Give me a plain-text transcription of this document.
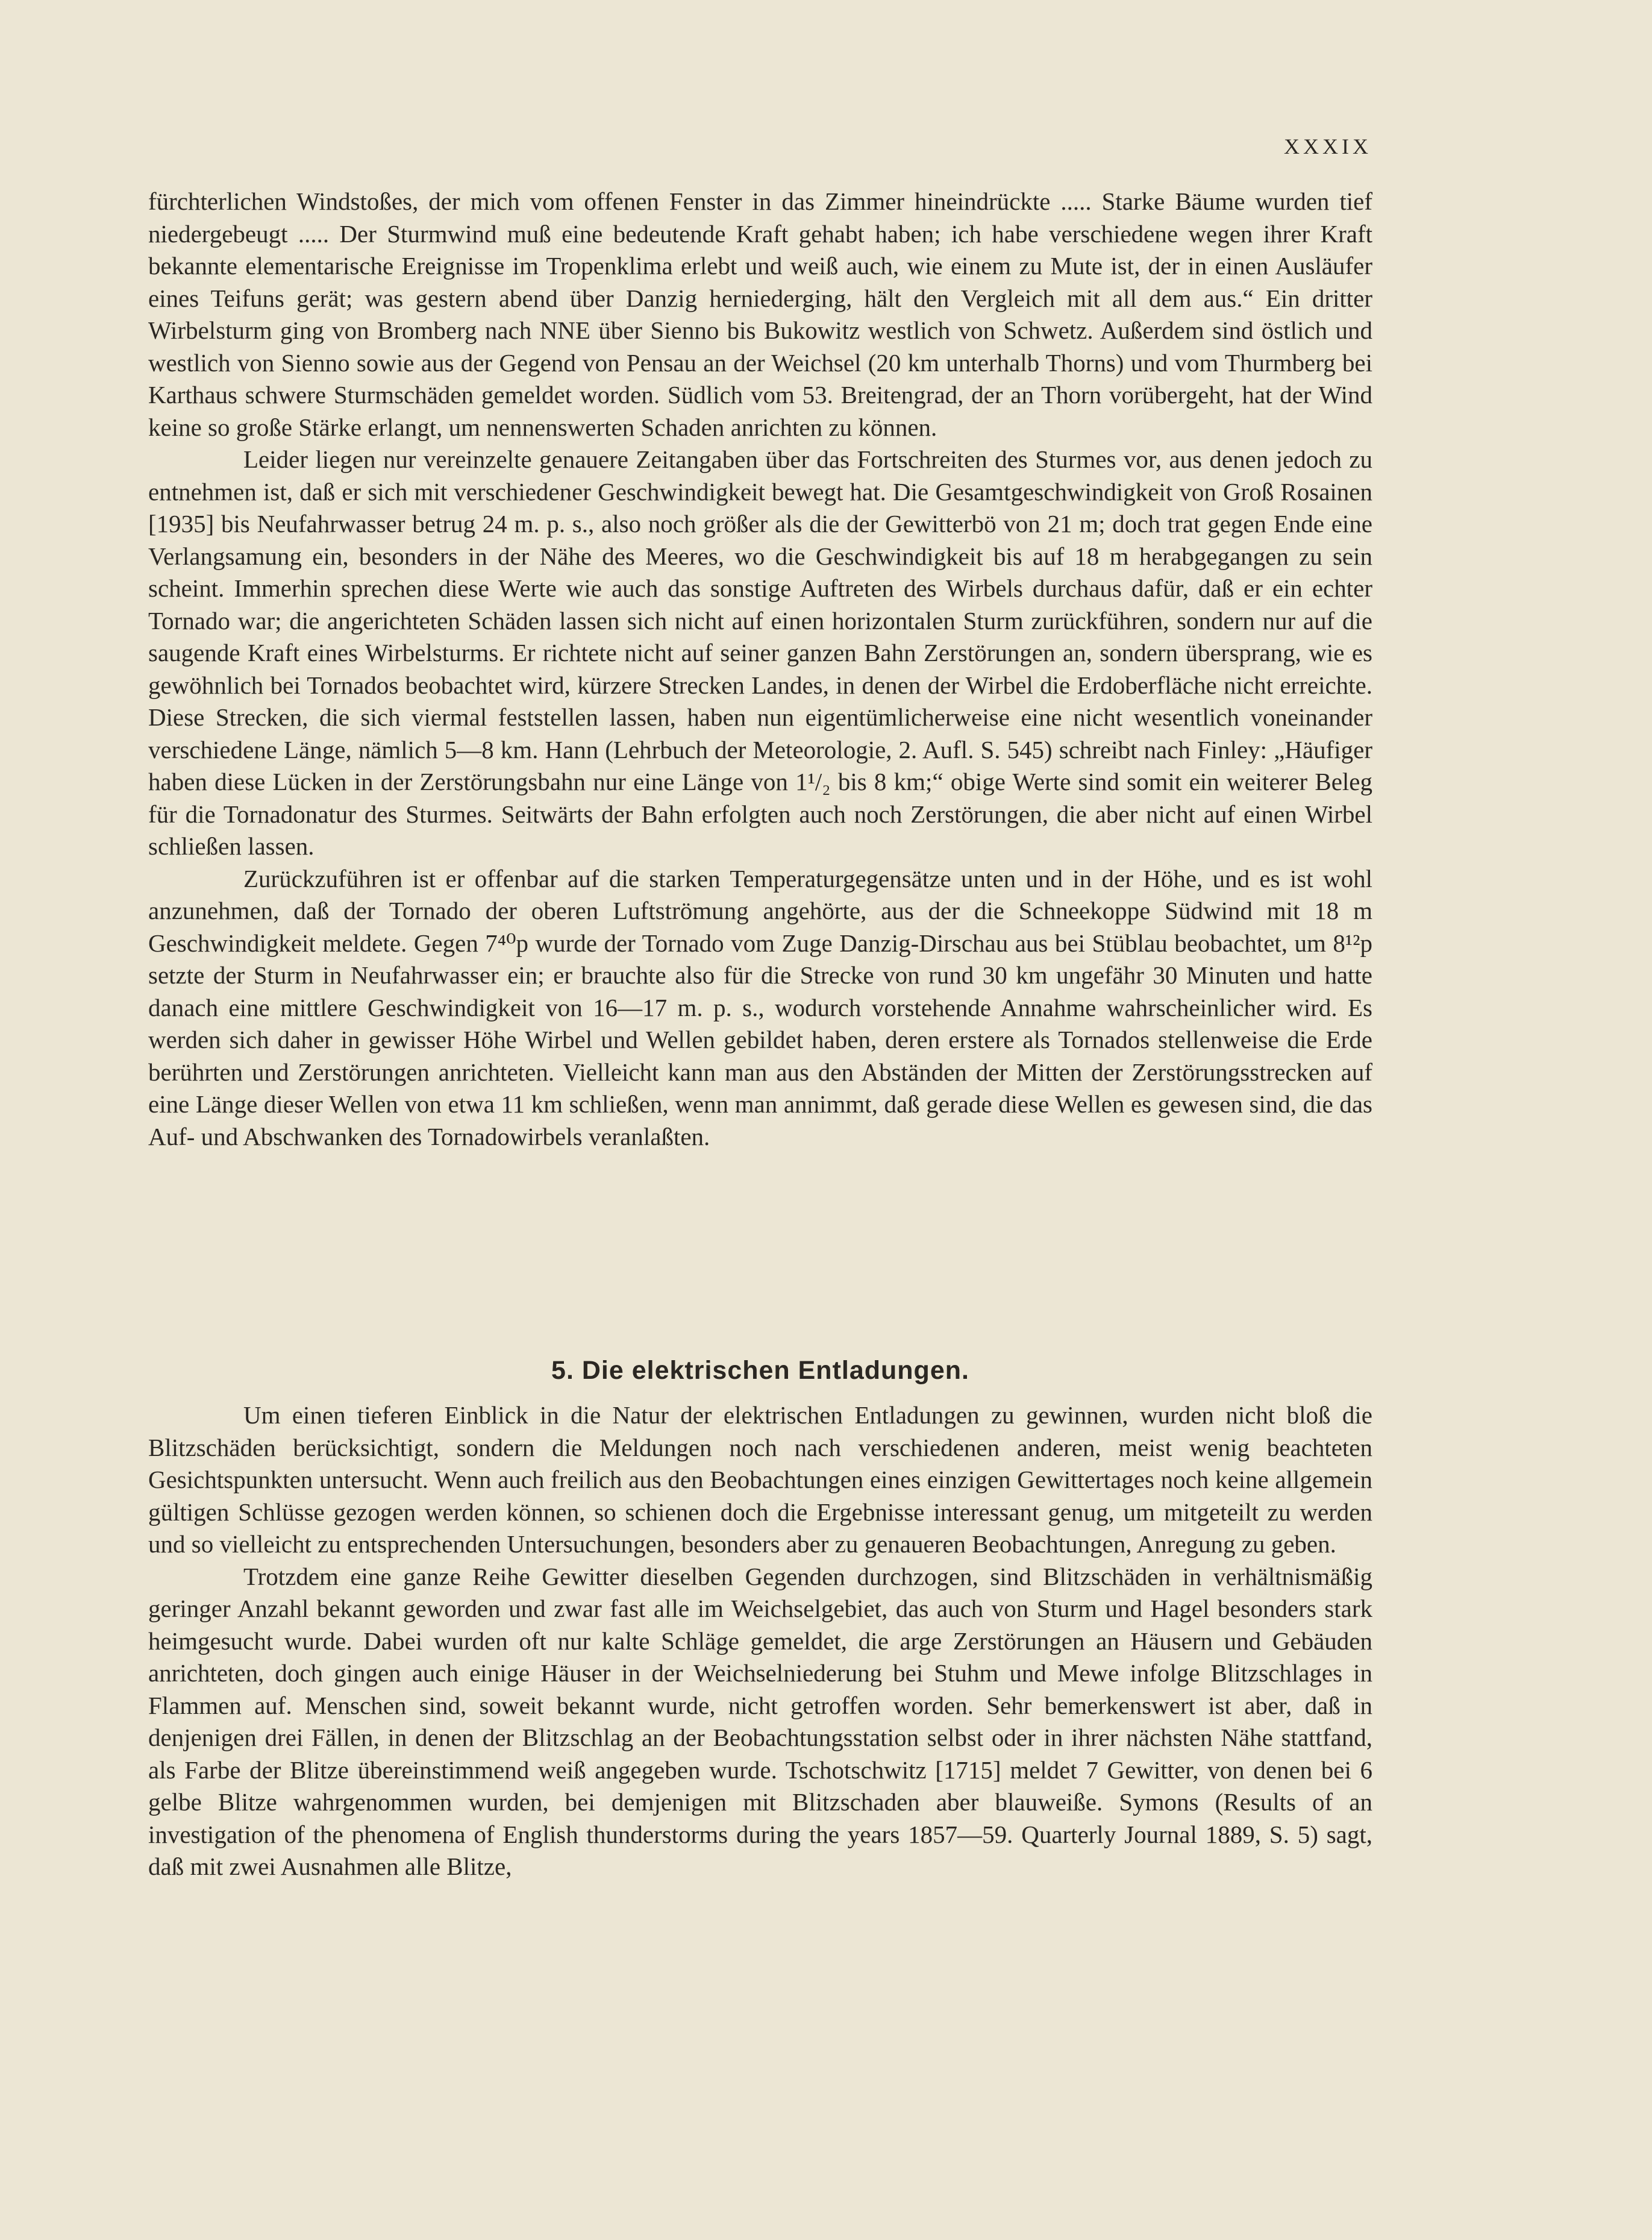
XXXIX

fürchterlichen Windstoßes, der mich vom offenen Fenster in das Zimmer hineindrückte ..... Starke Bäume wurden tief niedergebeugt ..... Der Sturmwind muß eine bedeutende Kraft gehabt haben; ich habe verschiedene wegen ihrer Kraft bekannte elementarische Ereignisse im Tropenklima erlebt und weiß auch, wie einem zu Mute ist, der in einen Ausläufer eines Teifuns gerät; was gestern abend über Danzig herniederging, hält den Vergleich mit all dem aus.“ Ein dritter Wirbelsturm ging von Bromberg nach NNE über Sienno bis Bukowitz westlich von Schwetz. Außerdem sind östlich und westlich von Sienno sowie aus der Gegend von Pensau an der Weichsel (20 km unterhalb Thorns) und vom Thurmberg bei Karthaus schwere Sturmschäden gemeldet worden. Südlich vom 53. Breitengrad, der an Thorn vorübergeht, hat der Wind keine so große Stärke erlangt, um nennenswerten Schaden anrichten zu können.

Leider liegen nur vereinzelte genauere Zeitangaben über das Fortschreiten des Sturmes vor, aus denen jedoch zu entnehmen ist, daß er sich mit verschiedener Geschwindigkeit bewegt hat. Die Gesamtgeschwindigkeit von Groß Rosainen [1935] bis Neufahrwasser betrug 24 m. p. s., also noch größer als die der Gewitterbö von 21 m; doch trat gegen Ende eine Verlangsamung ein, besonders in der Nähe des Meeres, wo die Geschwindigkeit bis auf 18 m herabgegangen zu sein scheint. Immerhin sprechen diese Werte wie auch das sonstige Auftreten des Wirbels durchaus dafür, daß er ein echter Tornado war; die angerichteten Schäden lassen sich nicht auf einen horizontalen Sturm zurückführen, sondern nur auf die saugende Kraft eines Wirbelsturms. Er richtete nicht auf seiner ganzen Bahn Zerstörungen an, sondern übersprang, wie es gewöhnlich bei Tornados beobachtet wird, kürzere Strecken Landes, in denen der Wirbel die Erdoberfläche nicht erreichte. Diese Strecken, die sich viermal feststellen lassen, haben nun eigentümlicherweise eine nicht wesentlich voneinander verschiedene Länge, nämlich 5—8 km. Hann (Lehrbuch der Meteorologie, 2. Aufl. S. 545) schreibt nach Finley: „Häufiger haben diese Lücken in der Zerstörungsbahn nur eine Länge von 1¹/₂ bis 8 km;“ obige Werte sind somit ein weiterer Beleg für die Tornadonatur des Sturmes. Seitwärts der Bahn erfolgten auch noch Zerstörungen, die aber nicht auf einen Wirbel schließen lassen.

Zurückzuführen ist er offenbar auf die starken Temperaturgegensätze unten und in der Höhe, und es ist wohl anzunehmen, daß der Tornado der oberen Luftströmung angehörte, aus der die Schneekoppe Südwind mit 18 m Geschwindigkeit meldete. Gegen 7⁴⁰p wurde der Tornado vom Zuge Danzig-Dirschau aus bei Stüblau beobachtet, um 8¹²p setzte der Sturm in Neufahrwasser ein; er brauchte also für die Strecke von rund 30 km ungefähr 30 Minuten und hatte danach eine mittlere Geschwindigkeit von 16—17 m. p. s., wodurch vorstehende Annahme wahrscheinlicher wird. Es werden sich daher in gewisser Höhe Wirbel und Wellen gebildet haben, deren erstere als Tornados stellenweise die Erde berührten und Zerstörungen anrichteten. Vielleicht kann man aus den Abständen der Mitten der Zerstörungsstrecken auf eine Länge dieser Wellen von etwa 11 km schließen, wenn man annimmt, daß gerade diese Wellen es gewesen sind, die das Auf- und Abschwanken des Tornadowirbels veranlaßten.

5. Die elektrischen Entladungen.

Um einen tieferen Einblick in die Natur der elektrischen Entladungen zu gewinnen, wurden nicht bloß die Blitzschäden berücksichtigt, sondern die Meldungen noch nach verschiedenen anderen, meist wenig beachteten Gesichtspunkten untersucht. Wenn auch freilich aus den Beobachtungen eines einzigen Gewittertages noch keine allgemein gültigen Schlüsse gezogen werden können, so schienen doch die Ergebnisse interessant genug, um mitgeteilt zu werden und so vielleicht zu entsprechenden Untersuchungen, besonders aber zu genaueren Beobachtungen, Anregung zu geben.

Trotzdem eine ganze Reihe Gewitter dieselben Gegenden durchzogen, sind Blitzschäden in verhältnismäßig geringer Anzahl bekannt geworden und zwar fast alle im Weichselgebiet, das auch von Sturm und Hagel besonders stark heimgesucht wurde. Dabei wurden oft nur kalte Schläge gemeldet, die arge Zerstörungen an Häusern und Gebäuden anrichteten, doch gingen auch einige Häuser in der Weichselniederung bei Stuhm und Mewe infolge Blitzschlages in Flammen auf. Menschen sind, soweit bekannt wurde, nicht getroffen worden. Sehr bemerkenswert ist aber, daß in denjenigen drei Fällen, in denen der Blitzschlag an der Beobachtungsstation selbst oder in ihrer nächsten Nähe stattfand, als Farbe der Blitze übereinstimmend weiß angegeben wurde. Tschotschwitz [1715] meldet 7 Gewitter, von denen bei 6 gelbe Blitze wahrgenommen wurden, bei demjenigen mit Blitzschaden aber blauweiße. Symons (Results of an investigation of the phenomena of English thunderstorms during the years 1857—59. Quarterly Journal 1889, S. 5) sagt, daß mit zwei Ausnahmen alle Blitze,
